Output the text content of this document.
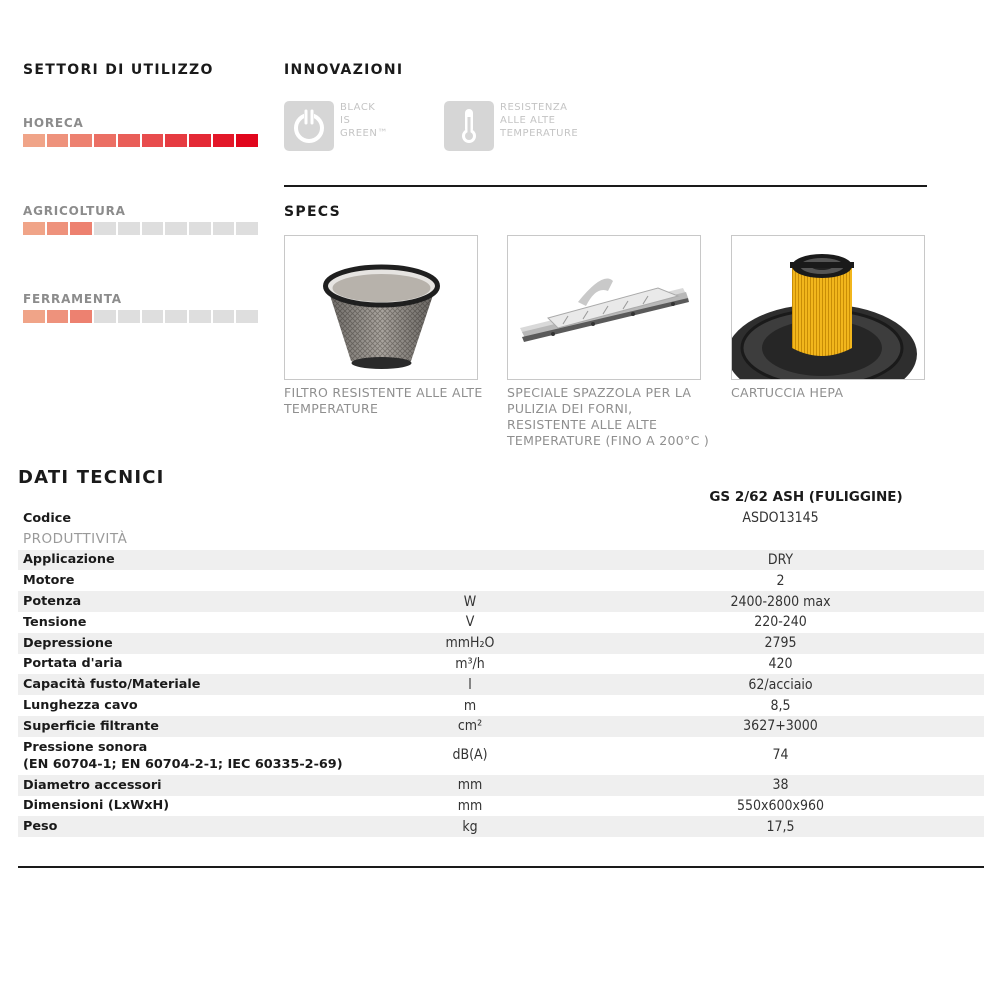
SETTORI DI UTILIZZO
HORECA
AGRICOLTURA
FERRAMENTA
INNOVAZIONI
BLACK
IS
GREEN™
RESISTENZA
ALLE ALTE
TEMPERATURE
SPECS
FILTRO RESISTENTE ALLE ALTE TEMPERATURE
SPECIALE SPAZZOLA PER LA PULIZIA DEI FORNI, RESISTENTE ALLE ALTE TEMPERATURE (FINO A 200°C )
CARTUCCIA HEPA
DATI TECNICI
GS 2/62 ASH (FULIGGINE)
Codice		ASDO13145

PRODUTTIVITÀ		

Applicazione		DRY

Motore		2

Potenza	W	2400-2800 max

Tensione	V	220-240

Depressione	mmH₂O	2795

Portata d'aria	m³/h	420

Capacità fusto/Materiale	l	62/acciaio

Lunghezza cavo	m	8,5

Superficie filtrante	cm²	3627+3000

Pressione sonora
(EN 60704-1; EN 60704-2-1; IEC 60335-2-69)	dB(A)	74

Diametro accessori	mm	38

Dimensioni (LxWxH)	mm	550x600x960

Peso	kg	17,5
